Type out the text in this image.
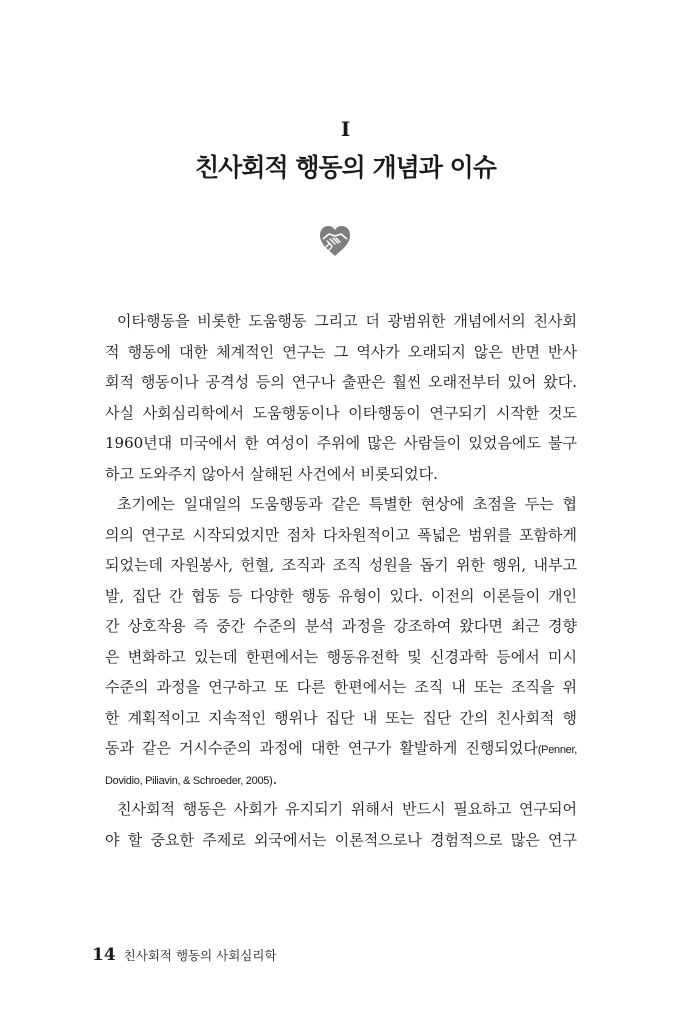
I
친사회적 행동의 개념과 이슈
이타행동을 비롯한 도움행동 그리고 더 광범위한 개념에서의 친사회
적 행동에 대한 체계적인 연구는 그 역사가 오래되지 않은 반면 반사
회적 행동이나 공격성 등의 연구나 출판은 훨씬 오래전부터 있어 왔다.
사실 사회심리학에서 도움행동이나 이타행동이 연구되기 시작한 것도
1960년대 미국에서 한 여성이 주위에 많은 사람들이 있었음에도 불구
하고 도와주지 않아서 살해된 사건에서 비롯되었다.
초기에는 일대일의 도움행동과 같은 특별한 현상에 초점을 두는 협
의의 연구로 시작되었지만 점차 다차원적이고 폭넓은 범위를 포함하게
되었는데 자원봉사, 헌혈, 조직과 조직 성원을 돕기 위한 행위, 내부고
발, 집단 간 협동 등 다양한 행동 유형이 있다. 이전의 이론들이 개인
간 상호작용 즉 중간 수준의 분석 과정을 강조하여 왔다면 최근 경향
은 변화하고 있는데 한편에서는 행동유전학 및 신경과학 등에서 미시
수준의 과정을 연구하고 또 다른 한편에서는 조직 내 또는 조직을 위
한 계획적이고 지속적인 행위나 집단 내 또는 집단 간의 친사회적 행
동과 같은 거시수준의 과정에 대한 연구가 활발하게 진행되었다(Penner,
Dovidio, Piliavin, & Schroeder, 2005).
친사회적 행동은 사회가 유지되기 위해서 반드시 필요하고 연구되어
야 할 중요한 주제로 외국에서는 이론적으로나 경험적으로 많은 연구
14 친사회적 행동의 사회심리학
